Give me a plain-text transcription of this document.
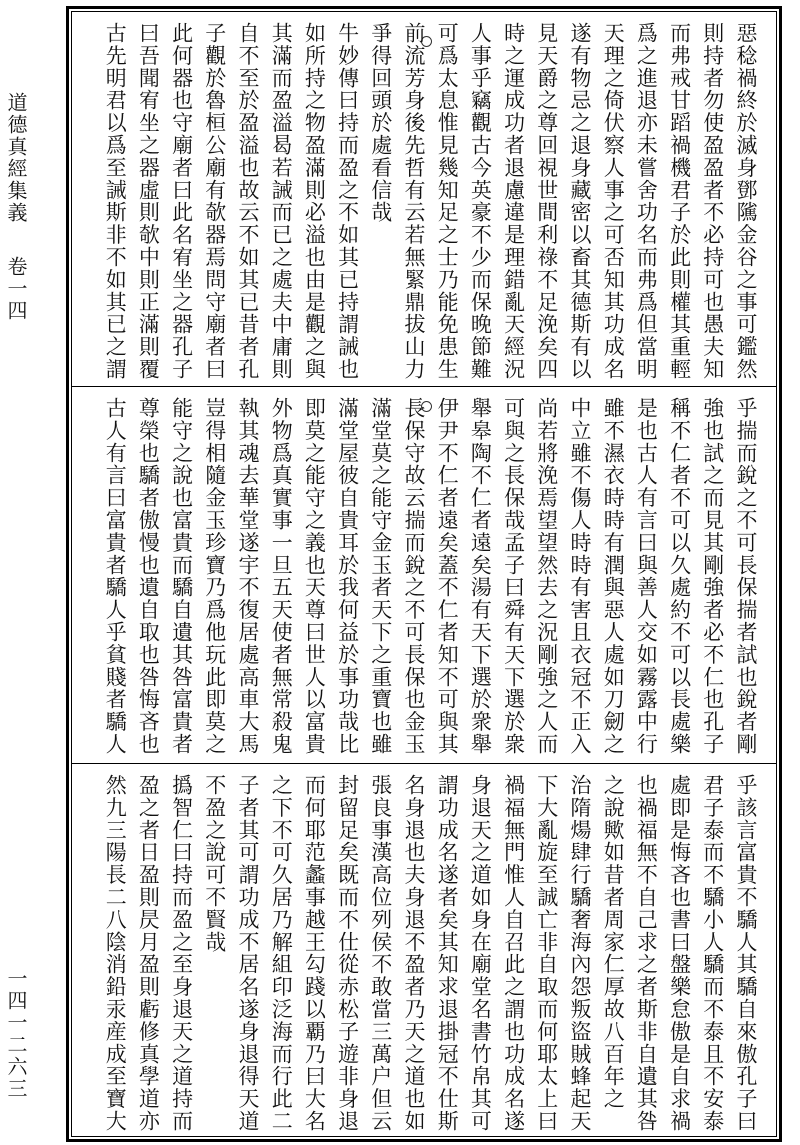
道德真經集義
卷一四
一四一二六三
惡稔禍終於滅身鄧隲金谷之事可鑑然
則持者勿使盈盈者不必持可也愚夫知
而弗戒甘蹈禍機君子於此則權其重輕
爲之進退亦未嘗舍功名而弗爲但當明
天理之倚伏察人事之可否知其功成名
遂有物忌之退身藏密以畜其德斯有以
見天爵之尊回視世間利祿不足浼矣四
時之運成功者退慮違是理錯亂天經況
人事乎竊觀古今英豪不少而保晚節難
可爲太息惟見幾知足之士乃能免患生
前流芳身後先哲有云若無緊鼎拔山力
爭得回頭於處看信哉
牛妙傳曰持而盈之不如其已持謂誡也
如所持之物盈滿則必溢也由是觀之與
其滿而盈溢曷若誡而已之處夫中庸則
自不至於盈溢也故云不如其已昔者孔
子觀於魯桓公廟有欹器焉問守廟者曰
此何器也守廟者曰此名宥坐之器孔子
曰吾聞宥坐之器虛則欹中則正滿則覆
古先明君以爲至誡斯非不如其已之謂
乎揣而銳之不可長保揣者試也銳者剛
強也試之而見其剛強者必不仁也孔子
稱不仁者不可以久處約不可以長處樂
是也古人有言曰與善人交如霧露中行
雖不濕衣時時有潤與惡人處如刀劒之
中立雖不傷人時時有害且衣冠不正入
尚若將浼焉望望然去之況剛強之人而
可與之長保哉孟子曰舜有天下選於衆
舉皋陶不仁者遠矣湯有天下選於衆舉
伊尹不仁者遠矣蓋不仁者知不可與其
長保守故云揣而銳之不可長保也金玉
滿堂莫之能守金玉者天下之重寶也雖
滿堂屋彼自貴耳於我何益於事功哉比
即莫之能守之義也天尊曰世人以富貴
外物爲真實事一旦五天使者無常殺鬼
執其魂去華堂遂宇不復居處高車大馬
豈得相隨金玉珍寶乃爲他玩此即莫之
能守之說也富貴而驕自遺其咎富貴者
尊榮也驕者傲慢也遺自取也咎悔吝也
古人有言曰富貴者驕人乎貧賤者驕人
乎該言富貴不驕人其驕自來傲孔子曰
君子泰而不驕小人驕而不泰且不安泰
處即是悔吝也書曰盤樂怠傲是自求禍
也禍福無不自己求之者斯非自遺其咎
之說歟如昔者周家仁厚故八百年之
治隋煬肆行驕奢海內怨叛盜賊蜂起天
下大亂旋至誠亡非自取而何耶太上曰
禍福無門惟人自召此之謂也功成名遂
身退天之道如身在廟堂名書竹帛其可
謂功成名遂者矣其知求退掛冠不仕斯
名身退也夫身退不盈者乃天之道也如
張良事漢高位列侯不敢當三萬户但云
封留足矣既而不仕從赤松子遊非身退
而何耶范蠡事越王勾踐以覇乃曰大名
之下不可久居乃解組印泛海而行此二
子者其可謂功成不居名遂身退得天道
不盈之說可不賢哉
撝智仁曰持而盈之至身退天之道持而
盈之者日盈則昃月盈則虧修真學道亦
然九三陽長二八陰消鉛汞産成至寶大
